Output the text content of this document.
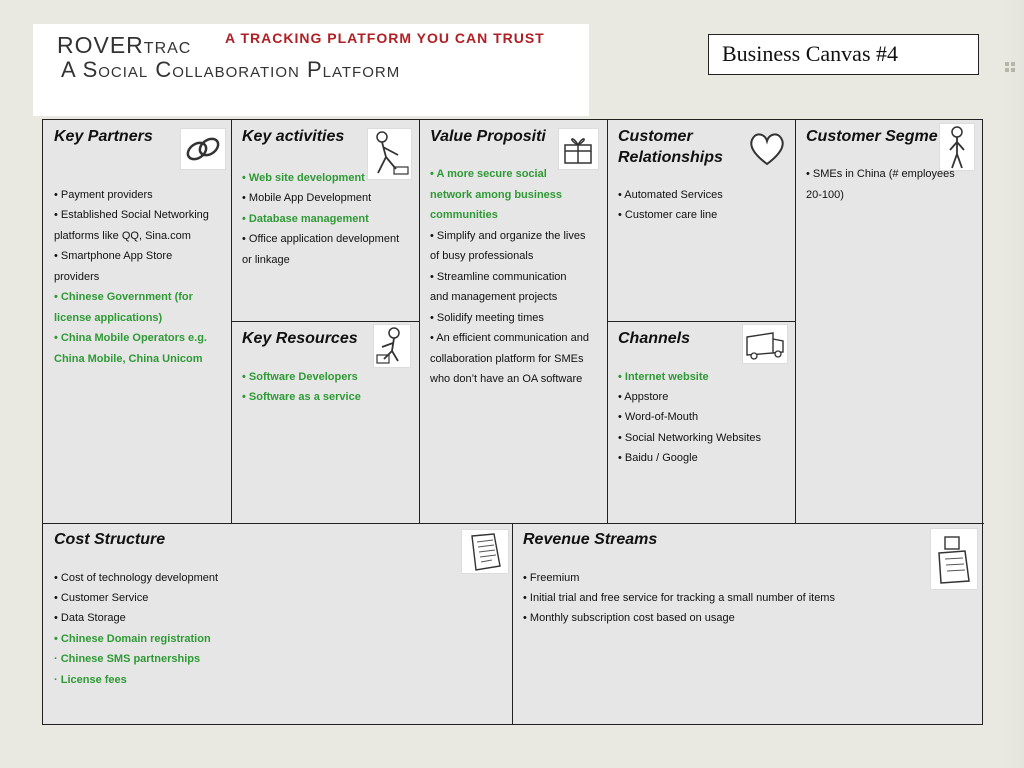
ROVERtrac A TRACKING PLATFORM YOU CAN TRUST
A Social Collaboration Platform
Business Canvas #4
Key Partners
• Payment providers
• Established Social Networking
platforms like QQ, Sina.com
• Smartphone App Store
providers
• Chinese Government (for
license applications)
• China Mobile Operators e.g.
China Mobile, China Unicom
Key activities
• Web site development
• Mobile App Development
• Database management
• Office application development
or linkage
Key Resources
• Software Developers
• Software as a service
Value Propositi
• A more secure social
network among business
communities
• Simplify and organize the lives
of busy professionals
• Streamline communication
and management projects
• Solidify meeting times
• An efficient communication and
collaboration platform for SMEs
who don’t have an OA software
Customer
Relationships
• Automated Services
• Customer care line
Channels
• Internet website
• Appstore
• Word-of-Mouth
• Social Networking Websites
• Baidu / Google
Customer Segme
• SMEs in China (# employees
20-100)
Cost Structure
• Cost of technology development
• Customer Service
• Data Storage
• Chinese Domain registration
· Chinese SMS partnerships
· License fees
Revenue Streams
• Freemium
• Initial trial and free service for tracking a small number of items
• Monthly subscription cost based on usage
